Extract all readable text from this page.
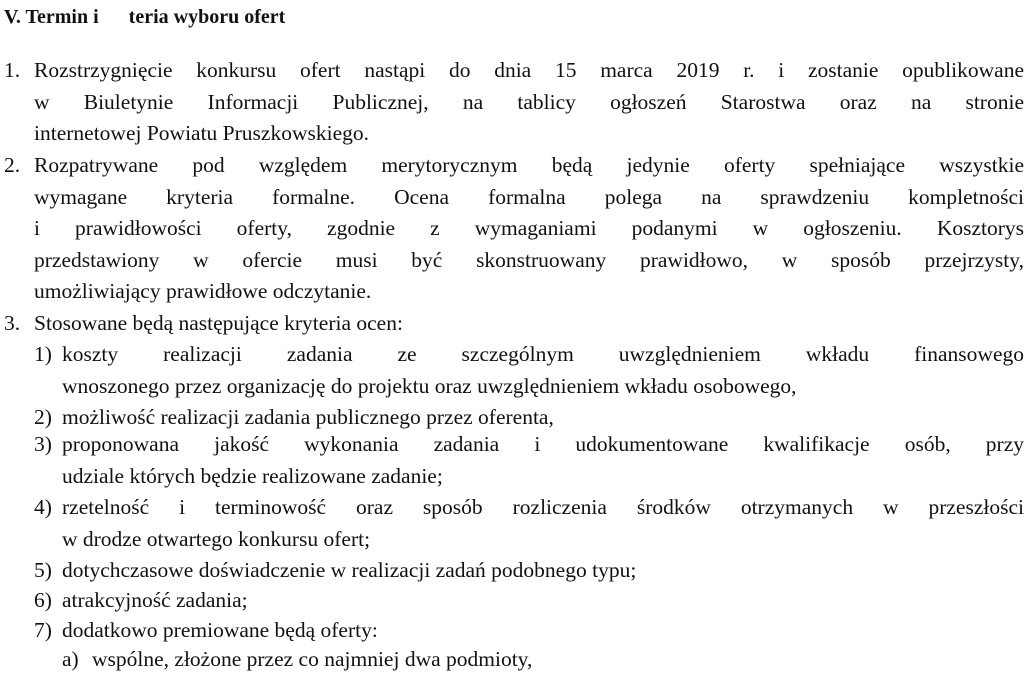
V. Termin i teria wyboru ofert
1. Rozstrzygnięcie konkursu ofert nastąpi do dnia 15 marca 2019 r. i zostanie opublikowane
w Biuletynie Informacji Publicznej, na tablicy ogłoszeń Starostwa oraz na stronie
internetowej Powiatu Pruszkowskiego.
2. Rozpatrywane pod względem merytorycznym będą jedynie oferty spełniające wszystkie
wymagane kryteria formalne. Ocena formalna polega na sprawdzeniu kompletności
i prawidłowości oferty, zgodnie z wymaganiami podanymi w ogłoszeniu. Kosztorys
przedstawiony w ofercie musi być skonstruowany prawidłowo, w sposób przejrzysty,
umożliwiający prawidłowe odczytanie.
3. Stosowane będą następujące kryteria ocen:
1) koszty realizacji zadania ze szczególnym uwzględnieniem wkładu finansowego
wnoszonego przez organizację do projektu oraz uwzględnieniem wkładu osobowego,
2) możliwość realizacji zadania publicznego przez oferenta,
3) proponowana jakość wykonania zadania i udokumentowane kwalifikacje osób, przy
udziale których będzie realizowane zadanie;
4) rzetelność i terminowość oraz sposób rozliczenia środków otrzymanych w przeszłości
w drodze otwartego konkursu ofert;
5) dotychczasowe doświadczenie w realizacji zadań podobnego typu;
6) atrakcyjność zadania;
7) dodatkowo premiowane będą oferty:
a) wspólne, złożone przez co najmniej dwa podmioty,
